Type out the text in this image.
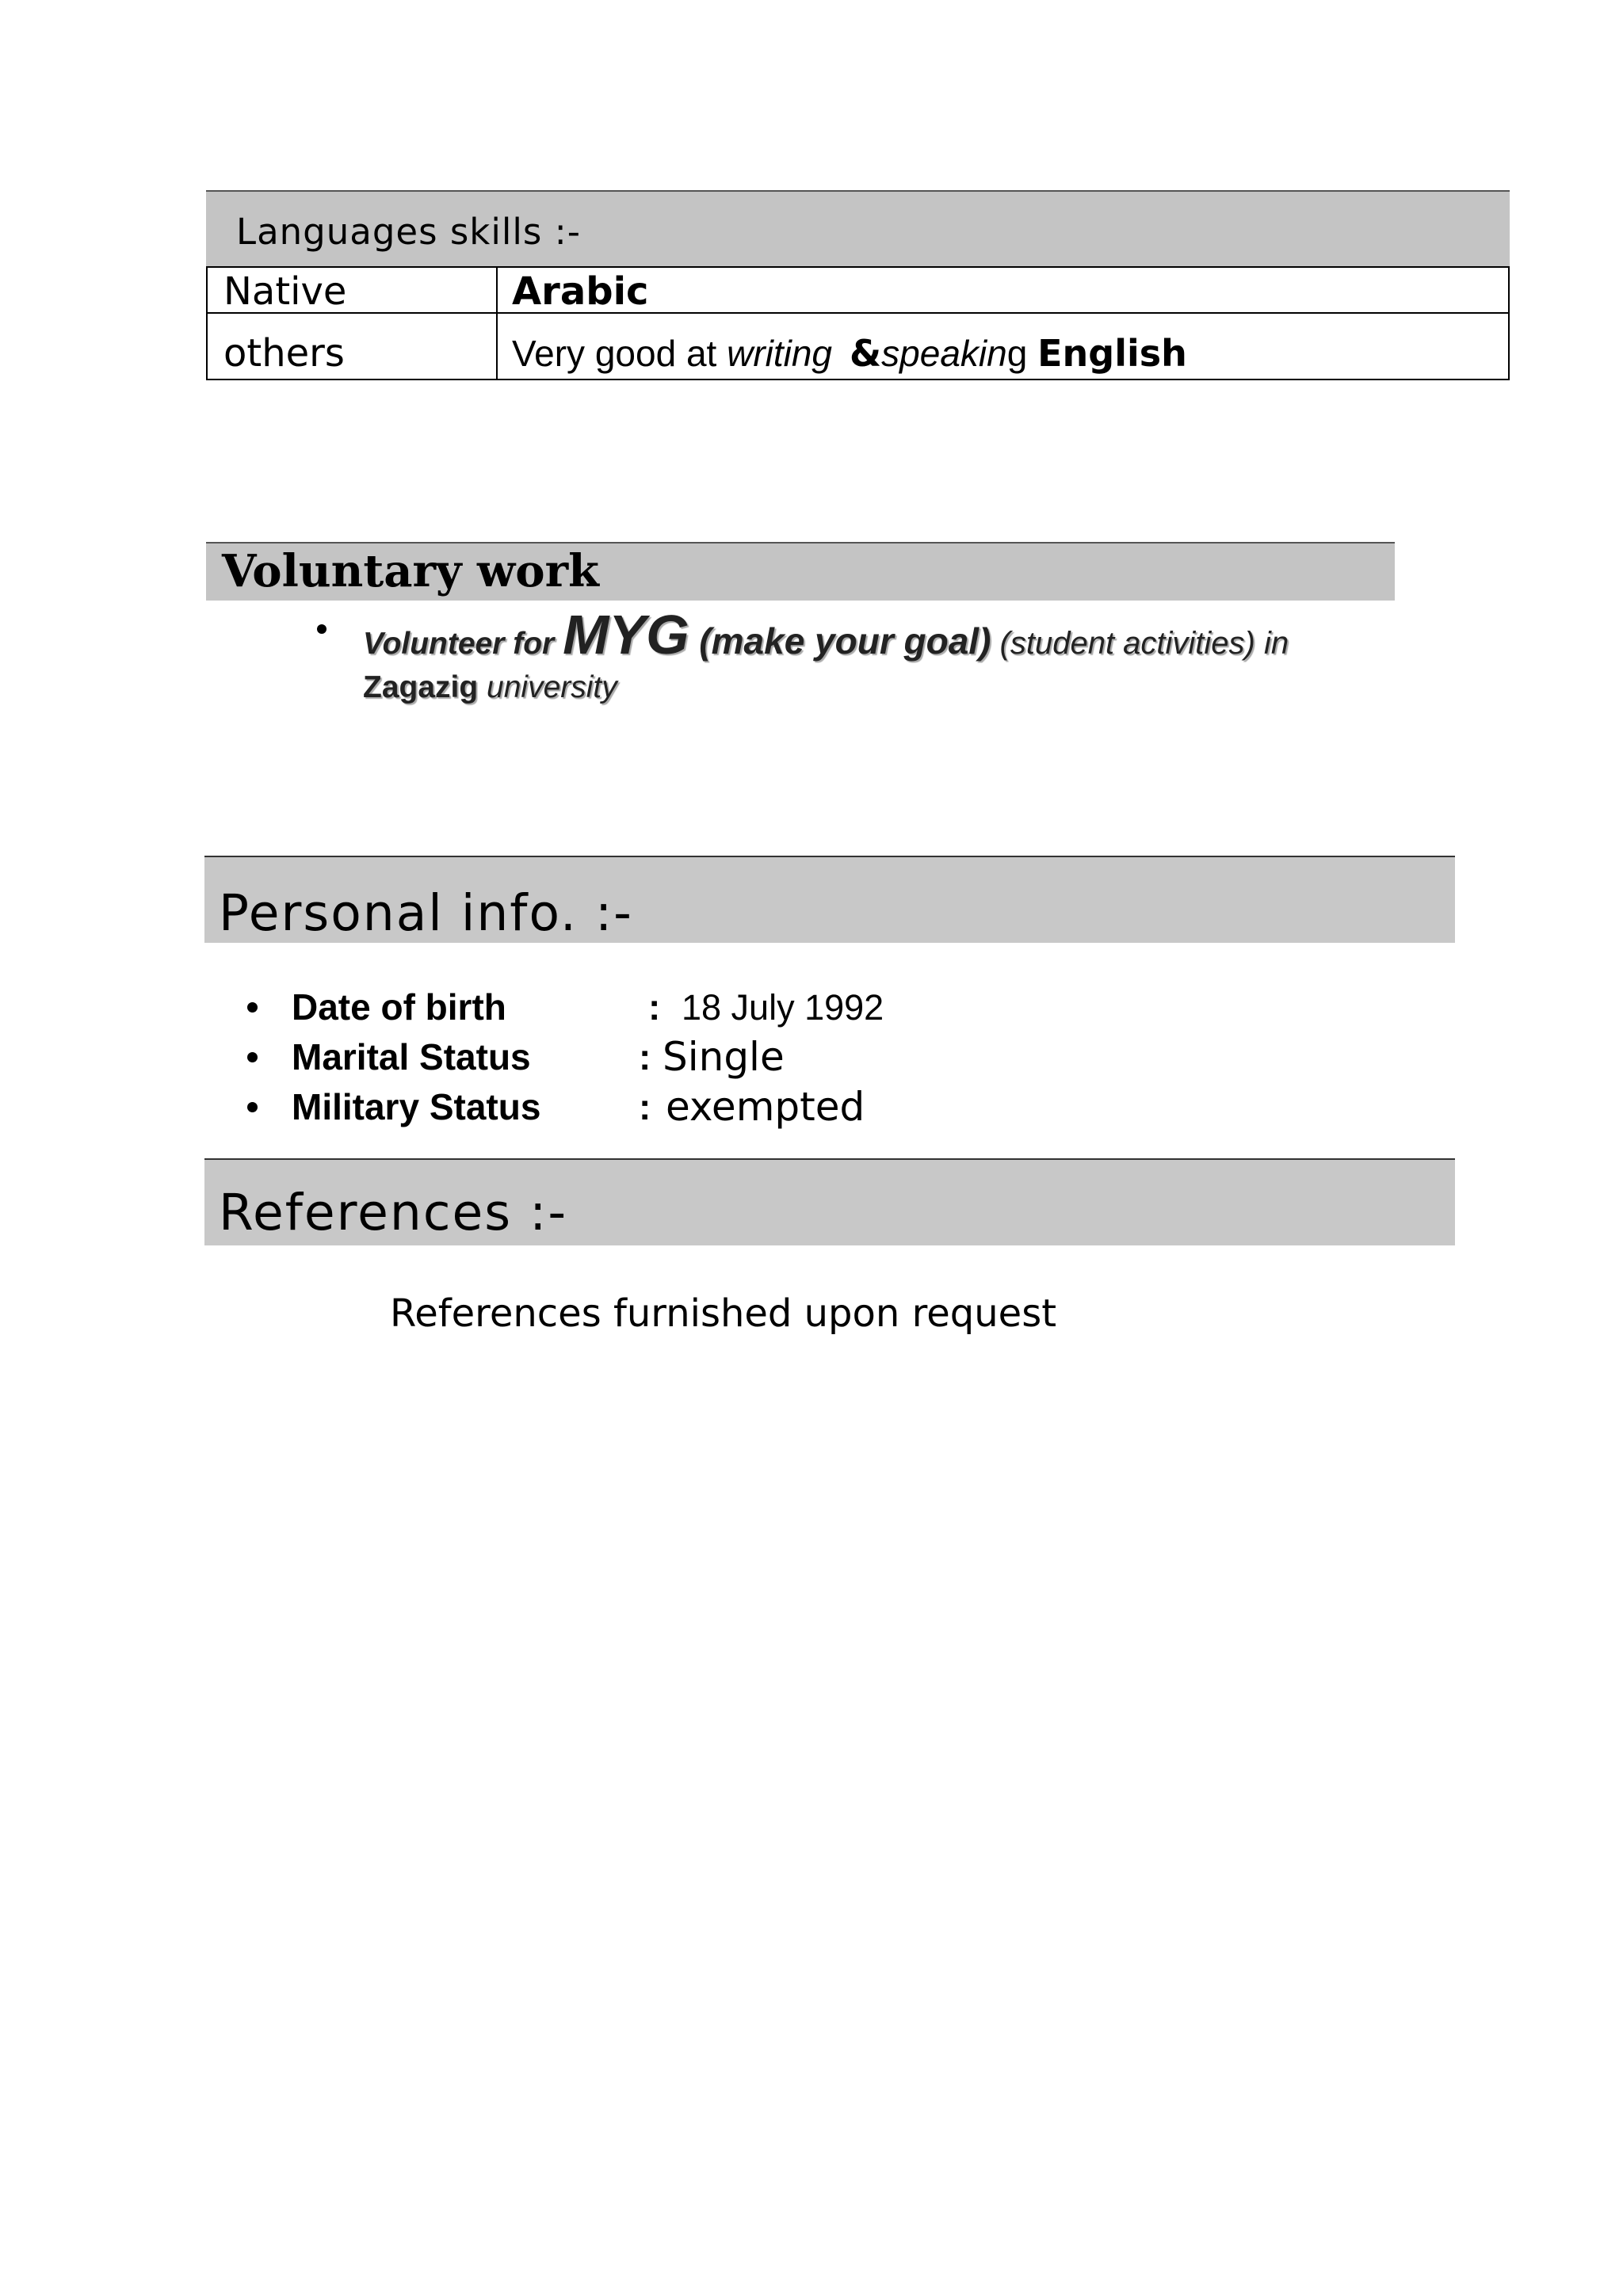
Languages skills :-
Native	Arabic
others	Very good at writing &speaking English
Voluntary work
Volunteer for MYG (make your goal) (student activities) in
Zagazig university
Personal info. :-
Date of birth	: 18 July 1992
Marital Status	: Single
Military Status	: exempted
References :-
References furnished upon request
